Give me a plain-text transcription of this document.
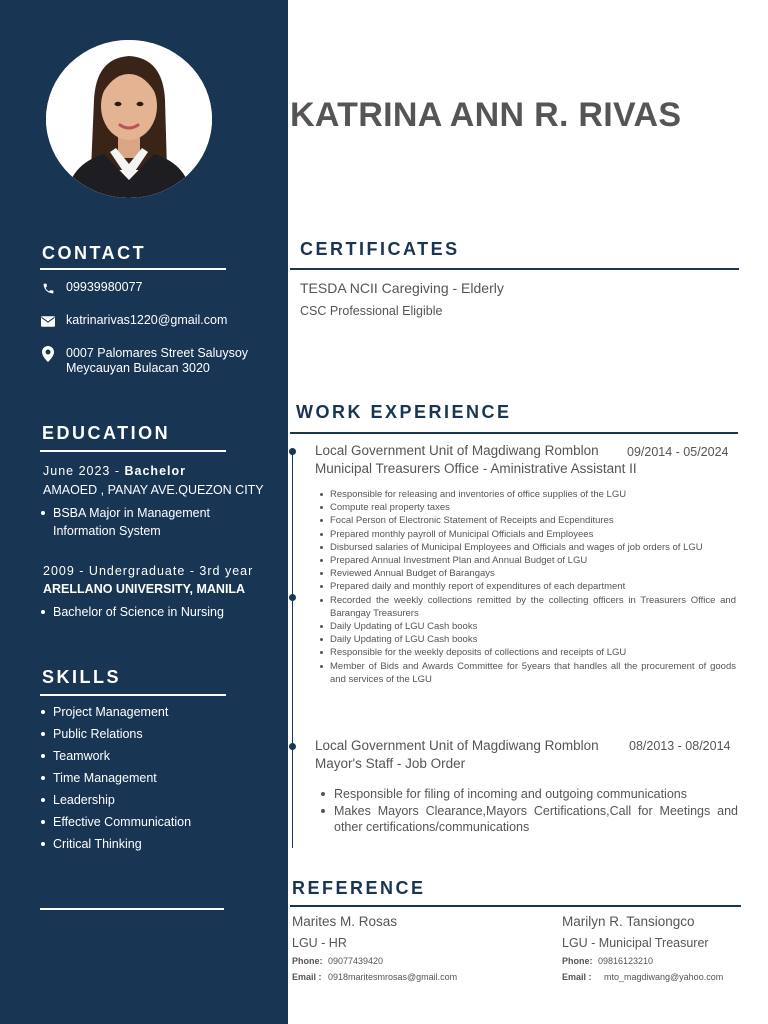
CONTACT
09939980077
katrinarivas1220@gmail.com
0007 Palomares Street Saluysoy
Meycauyan Bulacan 3020
EDUCATION
June 2023 - Bachelor
AMAOED , PANAY AVE.QUEZON CITY
BSBA Major in Management
Information System
2009 - Undergraduate - 3rd year
ARELLANO UNIVERSITY, MANILA
Bachelor of Science in Nursing
SKILLS
Project Management
Public Relations
Teamwork
Time Management
Leadership
Effective Communication
Critical Thinking
KATRINA ANN R. RIVAS
CERTIFICATES
TESDA NCII Caregiving - Elderly
CSC Professional Eligible
WORK EXPERIENCE
Local Government Unit of Magdiwang Romblon 09/2014 - 05/2024
Municipal Treasurers Office - Aministrative Assistant II
Responsible for releasing and inventories of office supplies of the LGU
Compute real property taxes
Focal Person of Electronic Statement of Receipts and Ecpenditures
Prepared monthly payroll of Municipal Officials and Employees
Disbursed salaries of Municipal Employees and Officials and wages of job orders of LGU
Prepared Annual Investment Plan and Annual Budget of LGU
Reviewed Annual Budget of Barangays
Prepared daily and monthly report of expenditures of each department
Recorded the weekly collections remitted by the collecting officers in Treasurers Office and Barangay Treasurers
Daily Updating of LGU Cash books
Daily Updating of LGU Cash books
Responsible for the weekly deposits of collections and receipts of LGU
Member of Bids and Awards Committee for 5years that handles all the procurement of goods and services of the LGU
Local Government Unit of Magdiwang Romblon 08/2013 - 08/2014
Mayor's Staff - Job Order
Responsible for filing of incoming and outgoing communications
Makes Mayors Clearance,Mayors Certifications,Call for Meetings and other certifications/communications
REFERENCE
Marites M. Rosas
LGU - HR
Phone: 09077439420
Email : 0918maritesmrosas@gmail.com
Marilyn R. Tansiongco
LGU - Municipal Treasurer
Phone: 09816123210
Email : mto_magdiwang@yahoo.com
